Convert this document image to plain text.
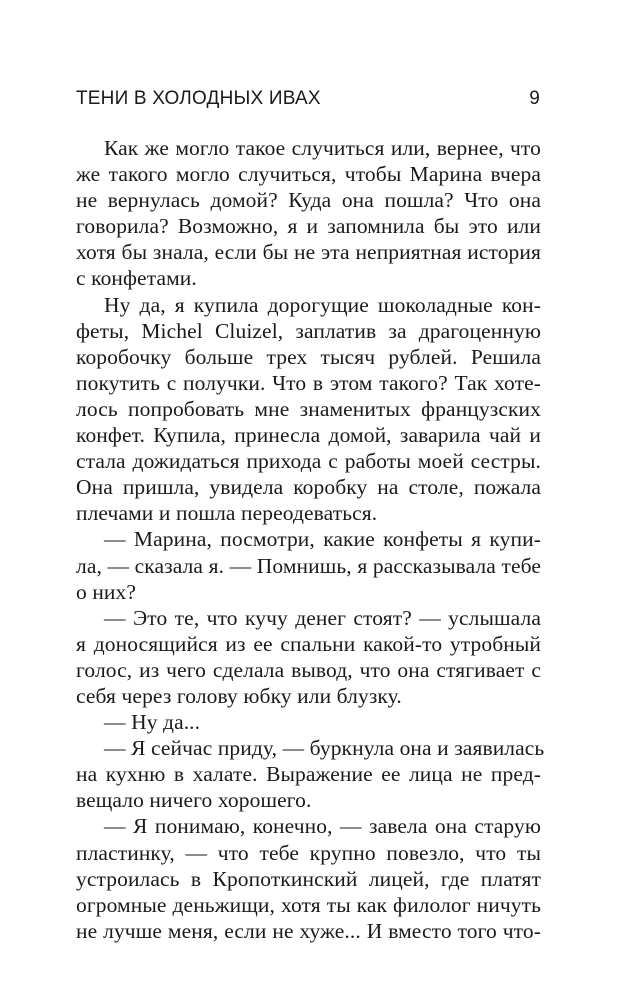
ТЕНИ В ХОЛОДНЫХ ИВАХ	9
Как же могло такое случиться или, вернее, что
же такого могло случиться, чтобы Марина вчера
не вернулась домой? Куда она пошла? Что она
говорила? Возможно, я и запомнила бы это или
хотя бы знала, если бы не эта неприятная история
с конфетами.
Ну да, я купила дорогущие шоколадные кон-
феты, Michel Cluizel, заплатив за драгоценную
коробочку больше трех тысяч рублей. Решила
покутить с получки. Что в этом такого? Так хоте-
лось попробовать мне знаменитых французских
конфет. Купила, принесла домой, заварила чай и
стала дожидаться прихода с работы моей сестры.
Она пришла, увидела коробку на столе, пожала
плечами и пошла переодеваться.
— Марина, посмотри, какие конфеты я купи-
ла, — сказала я. — Помнишь, я рассказывала тебе
о них?
— Это те, что кучу денег стоят? — услышала
я доносящийся из ее спальни какой-то утробный
голос, из чего сделала вывод, что она стягивает с
себя через голову юбку или блузку.
— Ну да...
— Я сейчас приду, — буркнула она и заявилась
на кухню в халате. Выражение ее лица не пред-
вещало ничего хорошего.
— Я понимаю, конечно, — завела она старую
пластинку, — что тебе крупно повезло, что ты
устроилась в Кропоткинский лицей, где платят
огромные деньжищи, хотя ты как филолог ничуть
не лучше меня, если не хуже... И вместо того что-
